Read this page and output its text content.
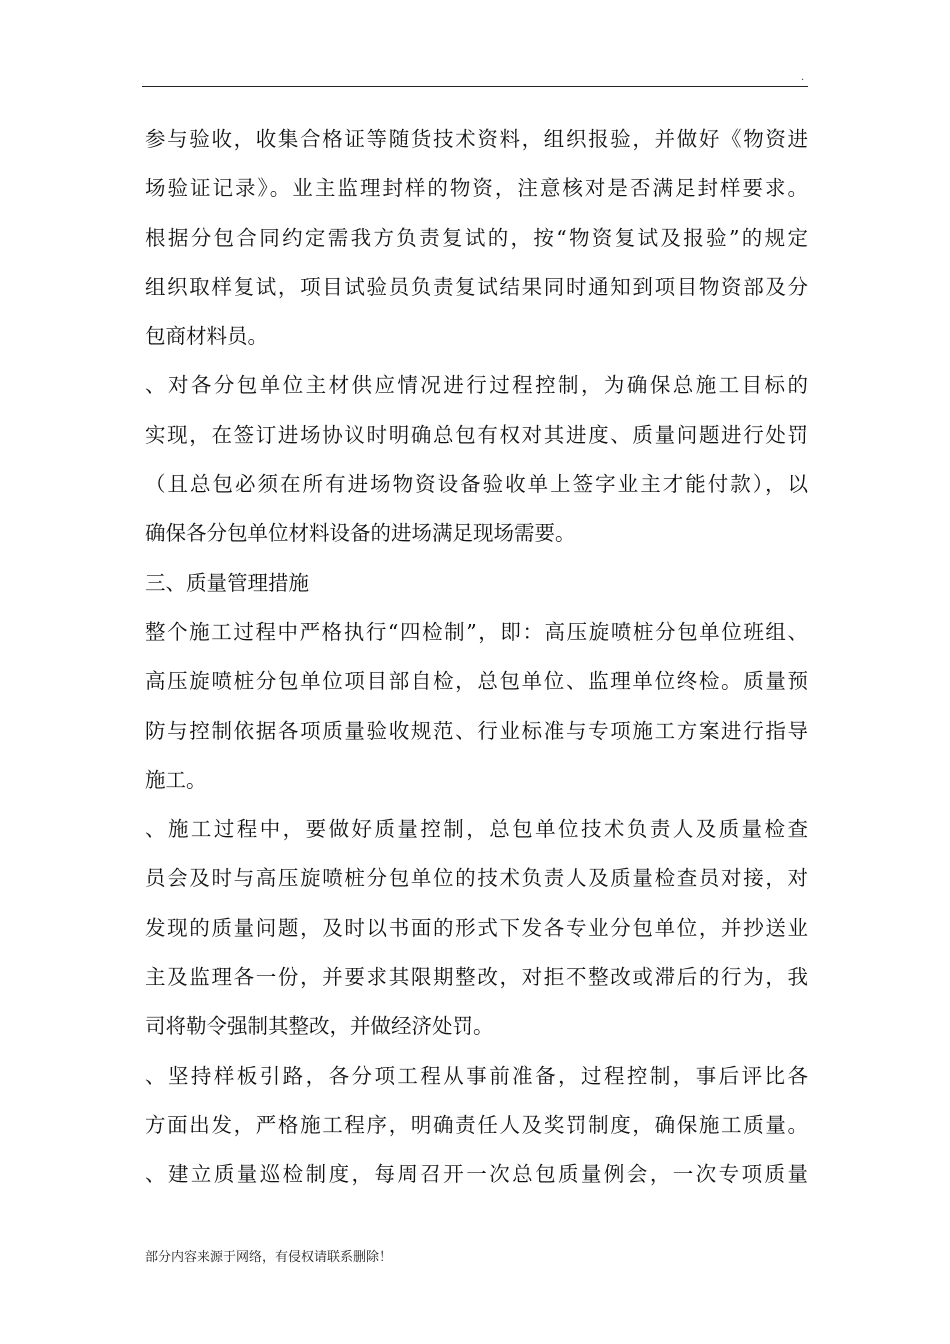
.
参与验收，收集合格证等随货技术资料，组织报验，并做好《物资进
场验证记录》。业主监理封样的物资，注意核对是否满足封样要求。
根据分包合同约定需我方负责复试的，按“物资复试及报验”的规定
组织取样复试，项目试验员负责复试结果同时通知到项目物资部及分
包商材料员。
、对各分包单位主材供应情况进行过程控制，为确保总施工目标的
实现，在签订进场协议时明确总包有权对其进度、质量问题进行处罚
（且总包必须在所有进场物资设备验收单上签字业主才能付款），以
确保各分包单位材料设备的进场满足现场需要。
三、质量管理措施
整个施工过程中严格执行“四检制”，即：高压旋喷桩分包单位班组、
高压旋喷桩分包单位项目部自检，总包单位、监理单位终检。质量预
防与控制依据各项质量验收规范、行业标准与专项施工方案进行指导
施工。
、施工过程中，要做好质量控制，总包单位技术负责人及质量检查
员会及时与高压旋喷桩分包单位的技术负责人及质量检查员对接，对
发现的质量问题，及时以书面的形式下发各专业分包单位，并抄送业
主及监理各一份，并要求其限期整改，对拒不整改或滞后的行为，我
司将勒令强制其整改，并做经济处罚。
、坚持样板引路，各分项工程从事前准备，过程控制，事后评比各
方面出发，严格施工程序，明确责任人及奖罚制度，确保施工质量。
、建立质量巡检制度，每周召开一次总包质量例会，一次专项质量
部分内容来源于网络，有侵权请联系删除！
